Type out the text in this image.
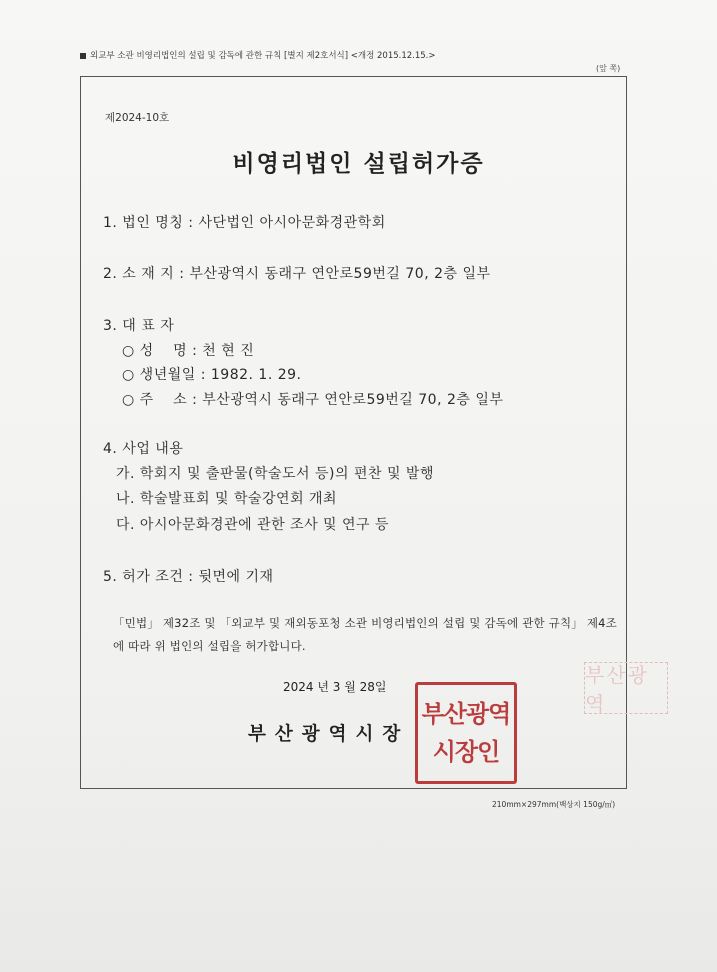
외교부 소관 비영리법인의 설립 및 감독에 관한 규칙 [별지 제2호서식] <개정 2015.12.15.>
(앞 쪽)
제2024-10호
비영리법인 설립허가증
1. 법인 명칭 : 사단법인 아시아문화경관학회
2. 소 재 지 : 부산광역시 동래구 연안로59번길 70, 2층 일부
3. 대 표 자
○ 성　 명 : 천 현 진
○ 생년월일 : 1982. 1. 29.
○ 주　 소 : 부산광역시 동래구 연안로59번길 70, 2층 일부
4. 사업 내용
가. 학회지 및 출판물(학술도서 등)의 편찬 및 발행
나. 학술발표회 및 학술강연회 개최
다. 아시아문화경관에 관한 조사 및 연구 등
5. 허가 조건 : 뒷면에 기재
「민법」 제32조 및 「외교부 및 재외동포청 소관 비영리법인의 설립 및 감독에 관한 규칙」 제4조에 따라 위 법인의 설립을 허가합니다.
2024 년 3 월 28일
부산광역시장
부산광역
시장인
부산광역
210mm×297mm(백상지 150g/㎡)
